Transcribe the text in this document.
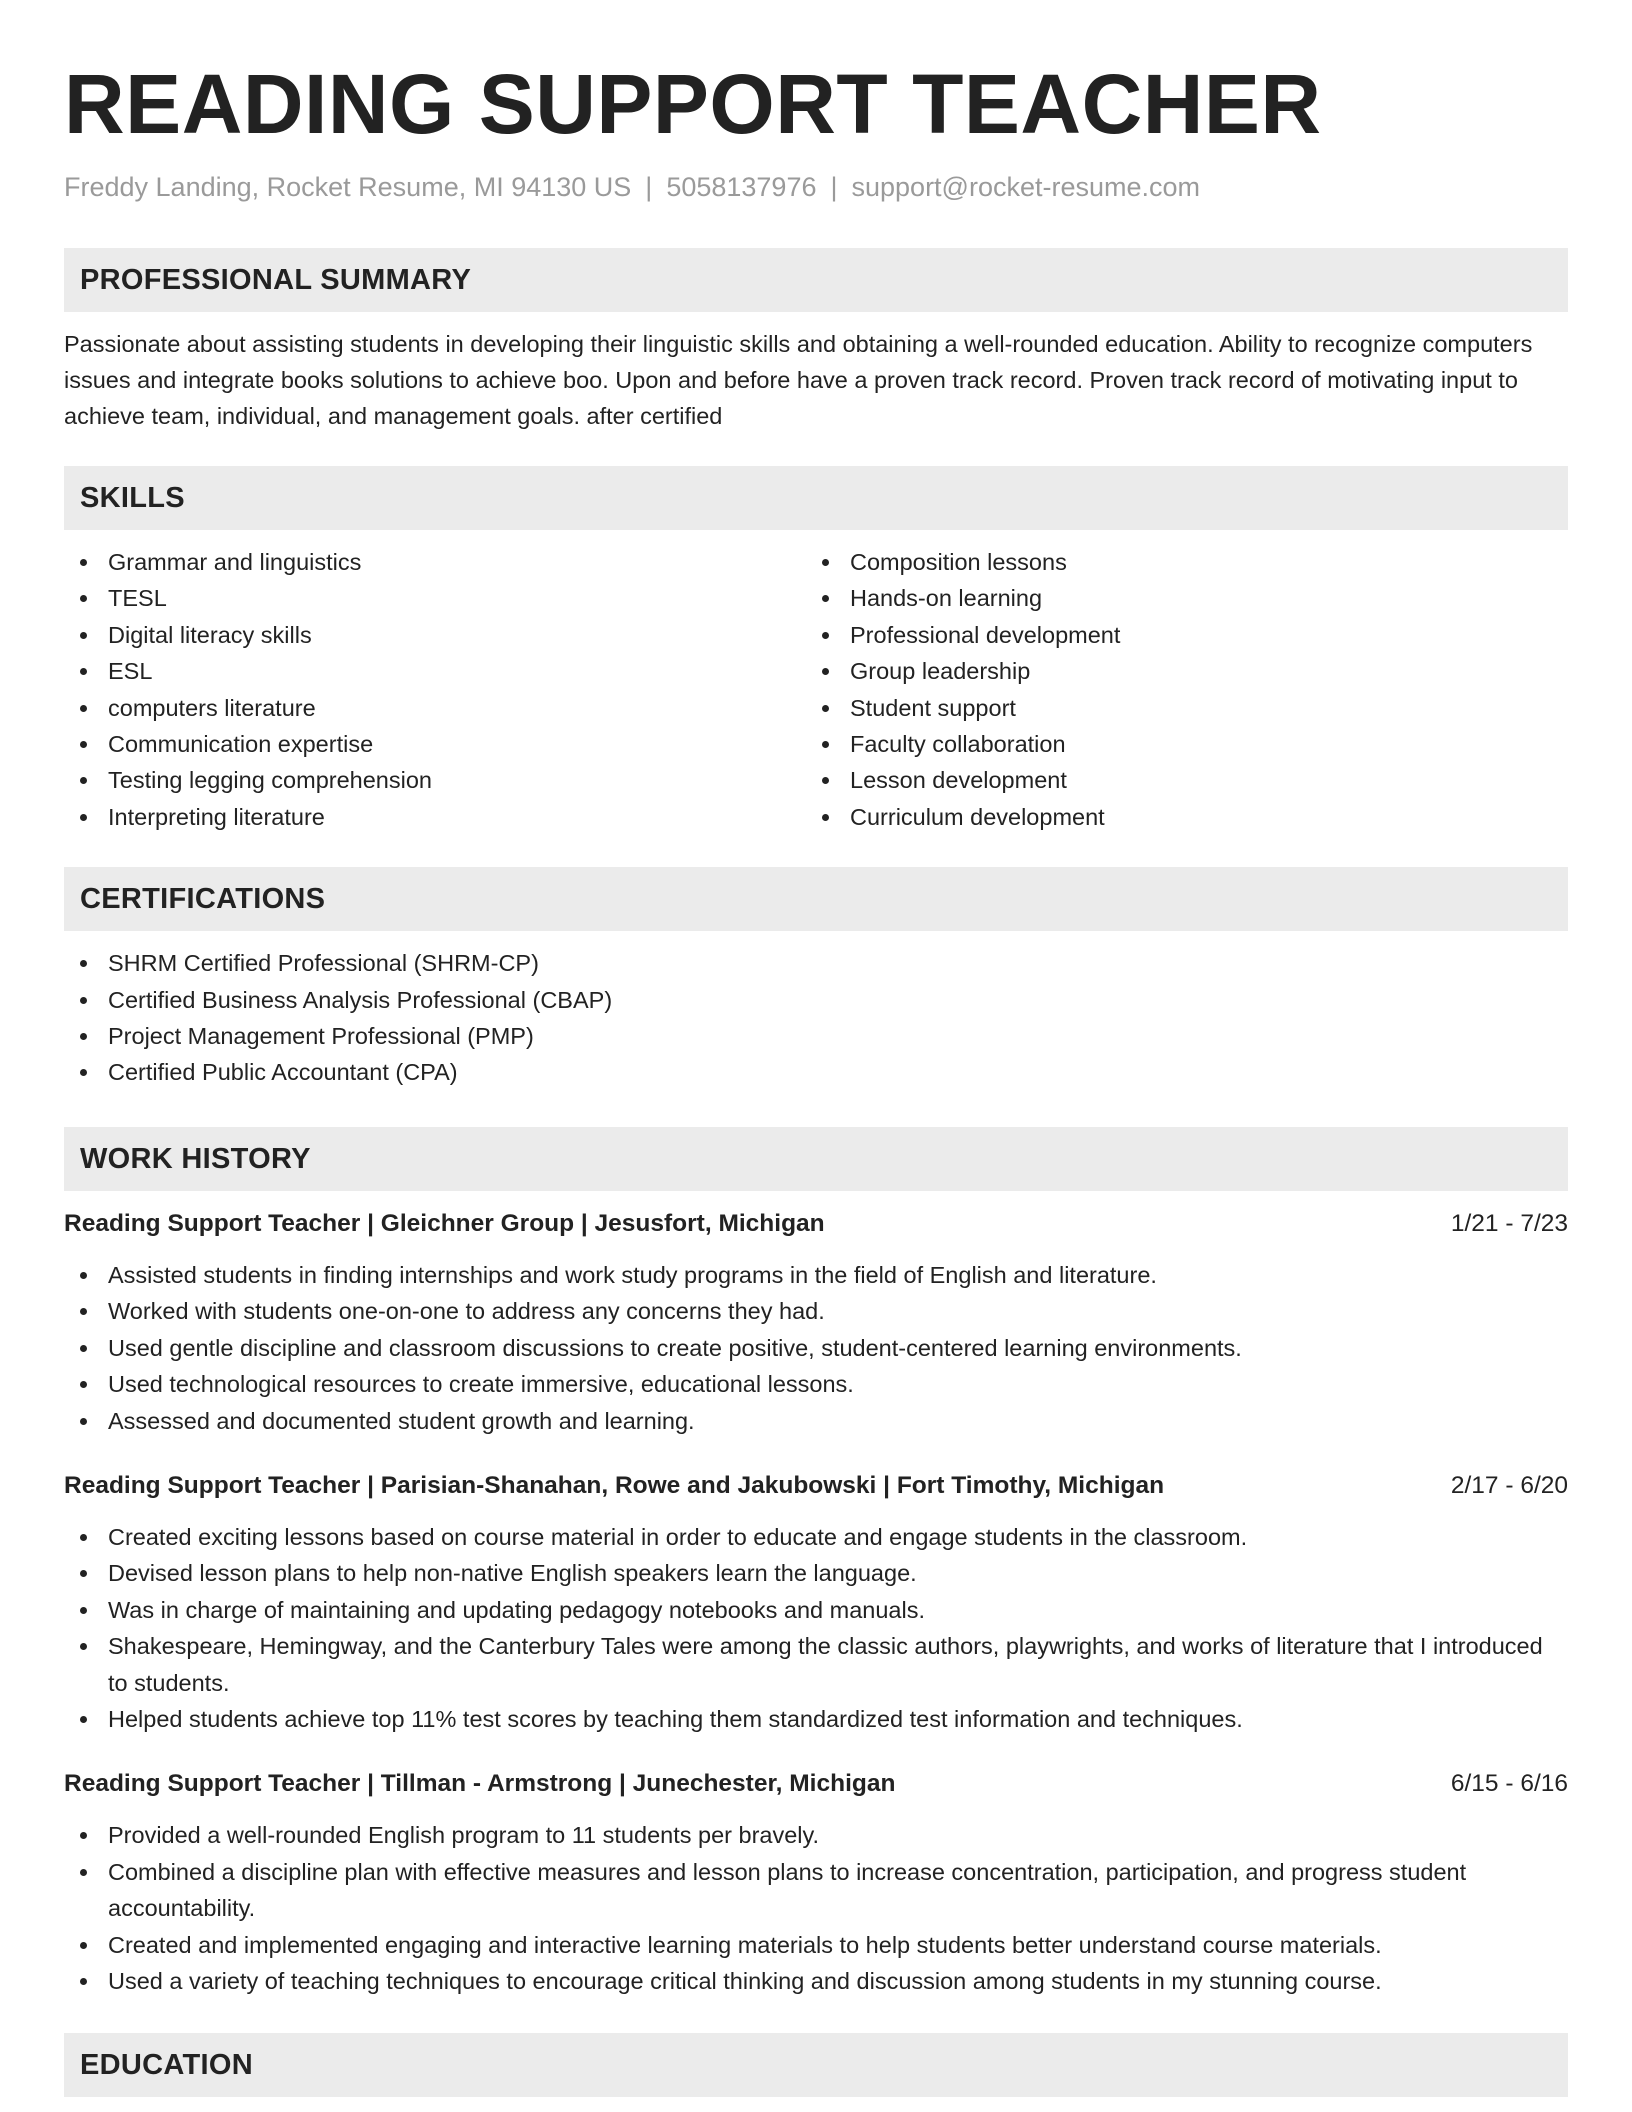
READING SUPPORT TEACHER
Freddy Landing, Rocket Resume, MI 94130 US | 5058137976 | support@rocket-resume.com
PROFESSIONAL SUMMARY

Passionate about assisting students in developing their linguistic skills and obtaining a well-rounded education. Ability to recognize computers issues and integrate books solutions to achieve boo. Upon and before have a proven track record. Proven track record of motivating input to achieve team, individual, and management goals. after certified

SKILLS
Grammar and linguistics
TESL
Digital literacy skills
ESL
computers literature
Communication expertise
Testing legging comprehension
Interpreting literature
Composition lessons
Hands-on learning
Professional development
Group leadership
Student support
Faculty collaboration
Lesson development
Curriculum development
CERTIFICATIONS
SHRM Certified Professional (SHRM-CP)
Certified Business Analysis Professional (CBAP)
Project Management Professional (PMP)
Certified Public Accountant (CPA)
WORK HISTORY
Reading Support Teacher | Gleichner Group | Jesusfort, Michigan	1/21 - 7/23
Assisted students in finding internships and work study programs in the field of English and literature.
Worked with students one-on-one to address any concerns they had.
Used gentle discipline and classroom discussions to create positive, student-centered learning environments.
Used technological resources to create immersive, educational lessons.
Assessed and documented student growth and learning.
Reading Support Teacher | Parisian-Shanahan, Rowe and Jakubowski | Fort Timothy, Michigan	2/17 - 6/20
Created exciting lessons based on course material in order to educate and engage students in the classroom.
Devised lesson plans to help non-native English speakers learn the language.
Was in charge of maintaining and updating pedagogy notebooks and manuals.
Shakespeare, Hemingway, and the Canterbury Tales were among the classic authors, playwrights, and works of literature that I introduced to students.
Helped students achieve top 11% test scores by teaching them standardized test information and techniques.
Reading Support Teacher | Tillman - Armstrong | Junechester, Michigan	6/15 - 6/16
Provided a well-rounded English program to 11 students per bravely.
Combined a discipline plan with effective measures and lesson plans to increase concentration, participation, and progress student accountability.
Created and implemented engaging and interactive learning materials to help students better understand course materials.
Used a variety of teaching techniques to encourage critical thinking and discussion among students in my stunning course.
EDUCATION
